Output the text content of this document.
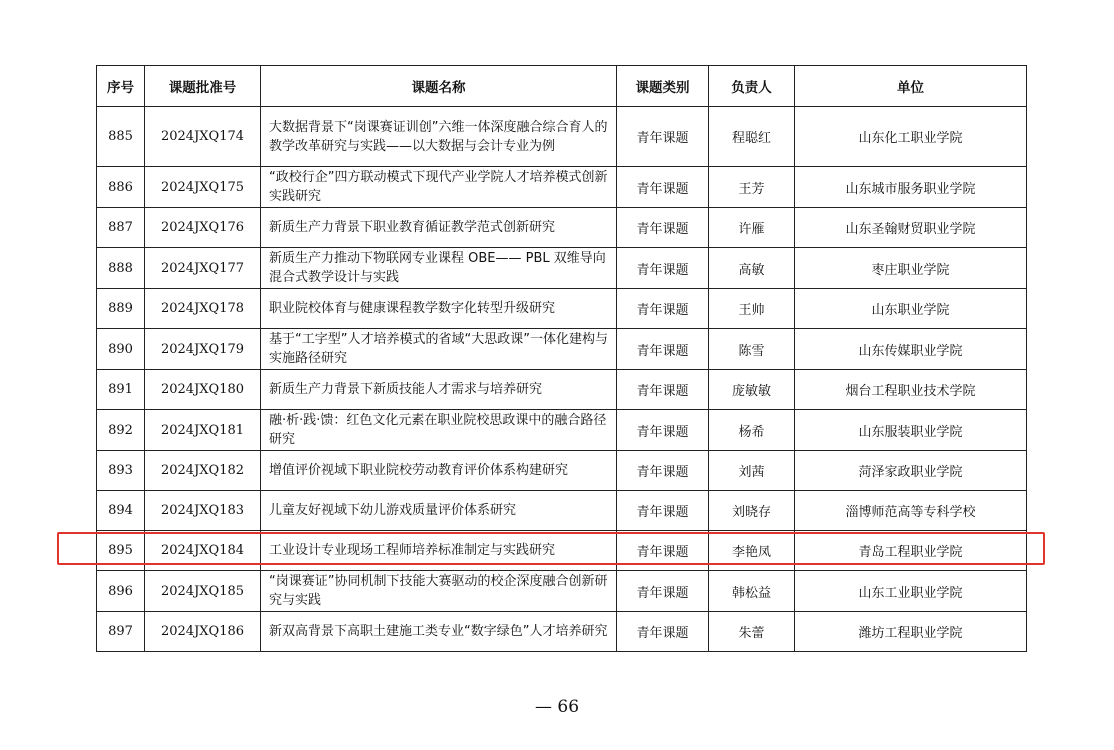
序号	课题批准号	课题名称	课题类别	负责人	单位
885	2024JXQ174	大数据背景下“岗课赛证训创”六维一体深度融合综合育人的教学改革研究与实践——以大数据与会计专业为例	青年课题	程聪红	山东化工职业学院
886	2024JXQ175	“政校行企”四方联动模式下现代产业学院人才培养模式创新实践研究	青年课题	王芳	山东城市服务职业学院
887	2024JXQ176	新质生产力背景下职业教育循证教学范式创新研究	青年课题	许雁	山东圣翰财贸职业学院
888	2024JXQ177	新质生产力推动下物联网专业课程 OBE—— PBL 双维导向混合式教学设计与实践	青年课题	高敏	枣庄职业学院
889	2024JXQ178	职业院校体育与健康课程教学数字化转型升级研究	青年课题	王帅	山东职业学院
890	2024JXQ179	基于“工字型”人才培养模式的省域“大思政课”一体化建构与实施路径研究	青年课题	陈雪	山东传媒职业学院
891	2024JXQ180	新质生产力背景下新质技能人才需求与培养研究	青年课题	庞敏敏	烟台工程职业技术学院
892	2024JXQ181	融·析·践·馈：红色文化元素在职业院校思政课中的融合路径研究	青年课题	杨希	山东服装职业学院
893	2024JXQ182	增值评价视域下职业院校劳动教育评价体系构建研究	青年课题	刘茜	菏泽家政职业学院
894	2024JXQ183	儿童友好视域下幼儿游戏质量评价体系研究	青年课题	刘晓存	淄博师范高等专科学校
895	2024JXQ184	工业设计专业现场工程师培养标准制定与实践研究	青年课题	李艳凤	青岛工程职业学院
896	2024JXQ185	“岗课赛证”协同机制下技能大赛驱动的校企深度融合创新研究与实践	青年课题	韩松益	山东工业职业学院
897	2024JXQ186	新双高背景下高职土建施工类专业“数字绿色”人才培养研究	青年课题	朱蕾	潍坊工程职业学院
— 66
